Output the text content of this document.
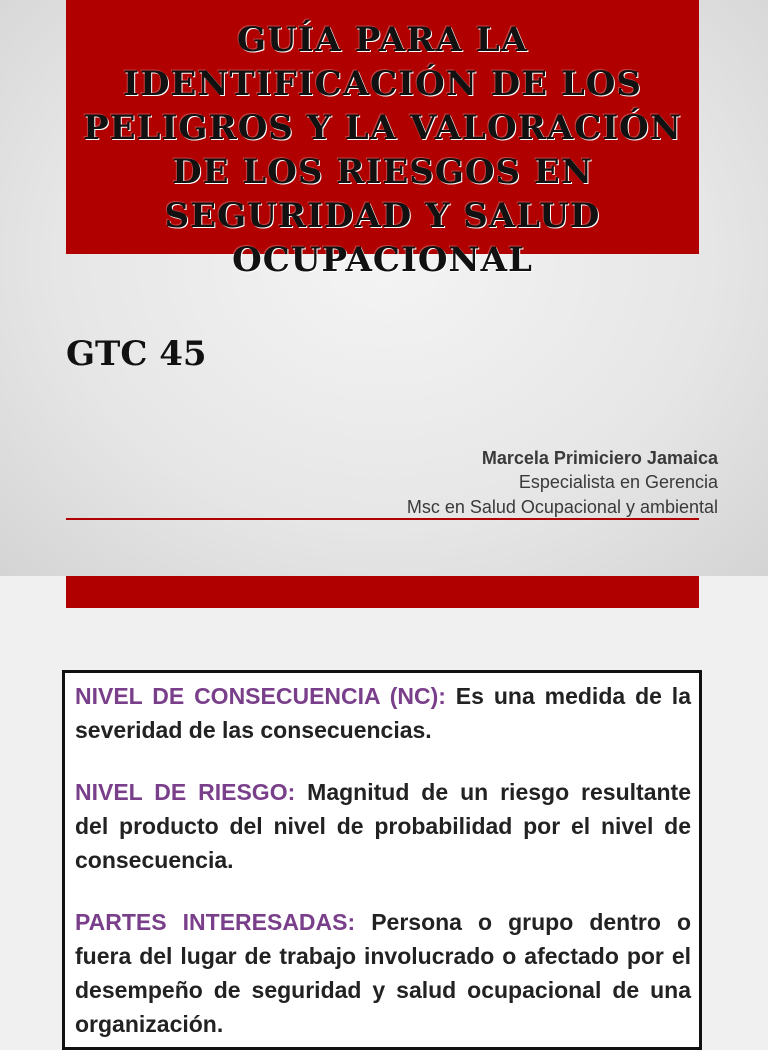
GUÍA PARA LA IDENTIFICACIÓN DE LOS PELIGROS Y LA VALORACIÓN DE LOS RIESGOS EN SEGURIDAD Y SALUD OCUPACIONAL

GTC 45

Marcela Primiciero Jamaica
Especialista en Gerencia
Msc en Salud Ocupacional y ambiental

NIVEL DE CONSECUENCIA (NC): Es una medida de la severidad de las consecuencias.

NIVEL DE RIESGO: Magnitud de un riesgo resultante del producto del nivel de probabilidad por el nivel de consecuencia.

PARTES INTERESADAS: Persona o grupo dentro o fuera del lugar de trabajo involucrado o afectado por el desempeño de seguridad y salud ocupacional de una organización.
